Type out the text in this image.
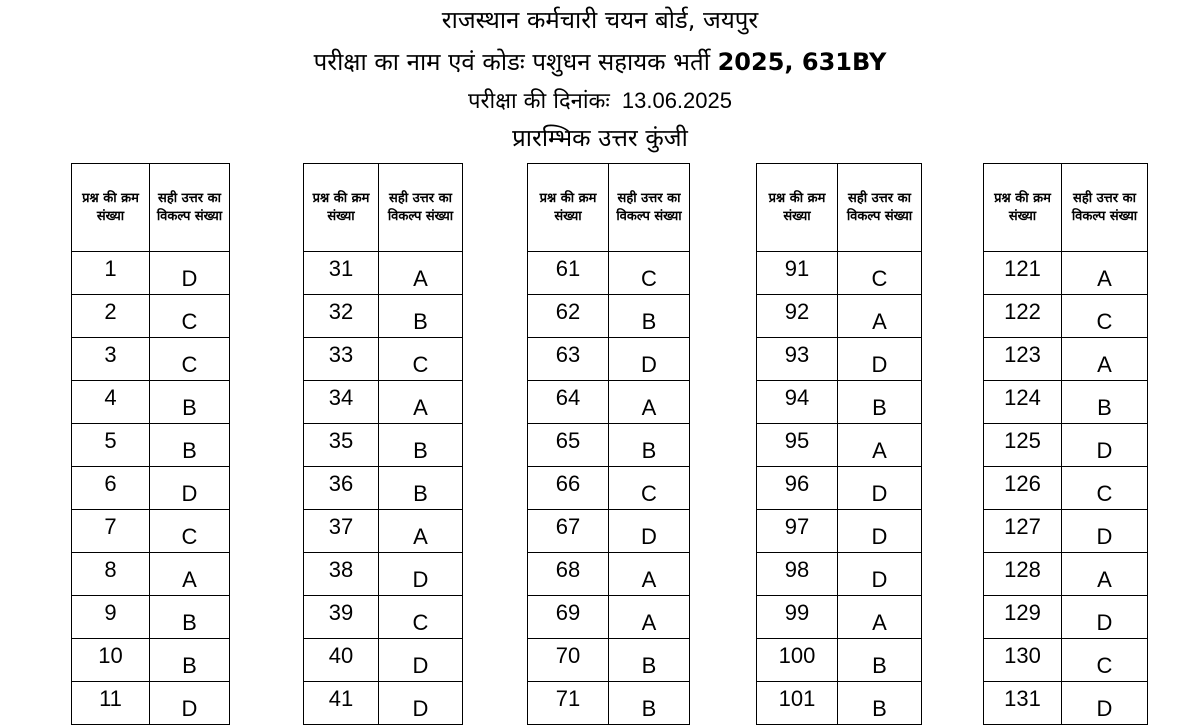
राजस्थान कर्मचारी चयन बोर्ड, जयपुर
परीक्षा का नाम एवं कोडः पशुधन सहायक भर्ती 2025, 631BY
परीक्षा की दिनांकः 13.06.2025
प्रारम्भिक उत्तर कुंजी
प्रश्न की क्रम संख्या	सही उत्तर का विकल्प संख्या
1	D
2	C
3	C
4	B
5	B
6	D
7	C
8	A
9	B
10	B
11	D
प्रश्न की क्रम संख्या	सही उत्तर का विकल्प संख्या
31	A
32	B
33	C
34	A
35	B
36	B
37	A
38	D
39	C
40	D
41	D
प्रश्न की क्रम संख्या	सही उत्तर का विकल्प संख्या
61	C
62	B
63	D
64	A
65	B
66	C
67	D
68	A
69	A
70	B
71	B
प्रश्न की क्रम संख्या	सही उत्तर का विकल्प संख्या
91	C
92	A
93	D
94	B
95	A
96	D
97	D
98	D
99	A
100	B
101	B
प्रश्न की क्रम संख्या	सही उत्तर का विकल्प संख्या
121	A
122	C
123	A
124	B
125	D
126	C
127	D
128	A
129	D
130	C
131	D
